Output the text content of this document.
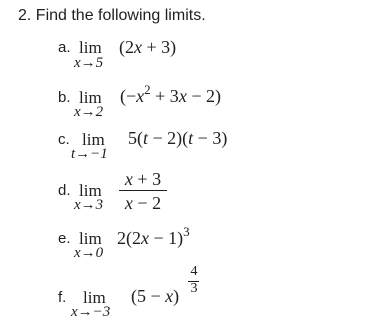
2. Find the following limits.
a. lim
x→5
(2x + 3)
b. lim
x→2
$(-x^2 + 3x - 2)$
c. lim
t→−1
5(t − 2)(t − 3)
d. lim
x→3
x + 3
x − 2
e. lim
x→0
$2(2x - 1)^3$
f. lim
x→−3
(5 − x)
4
3
